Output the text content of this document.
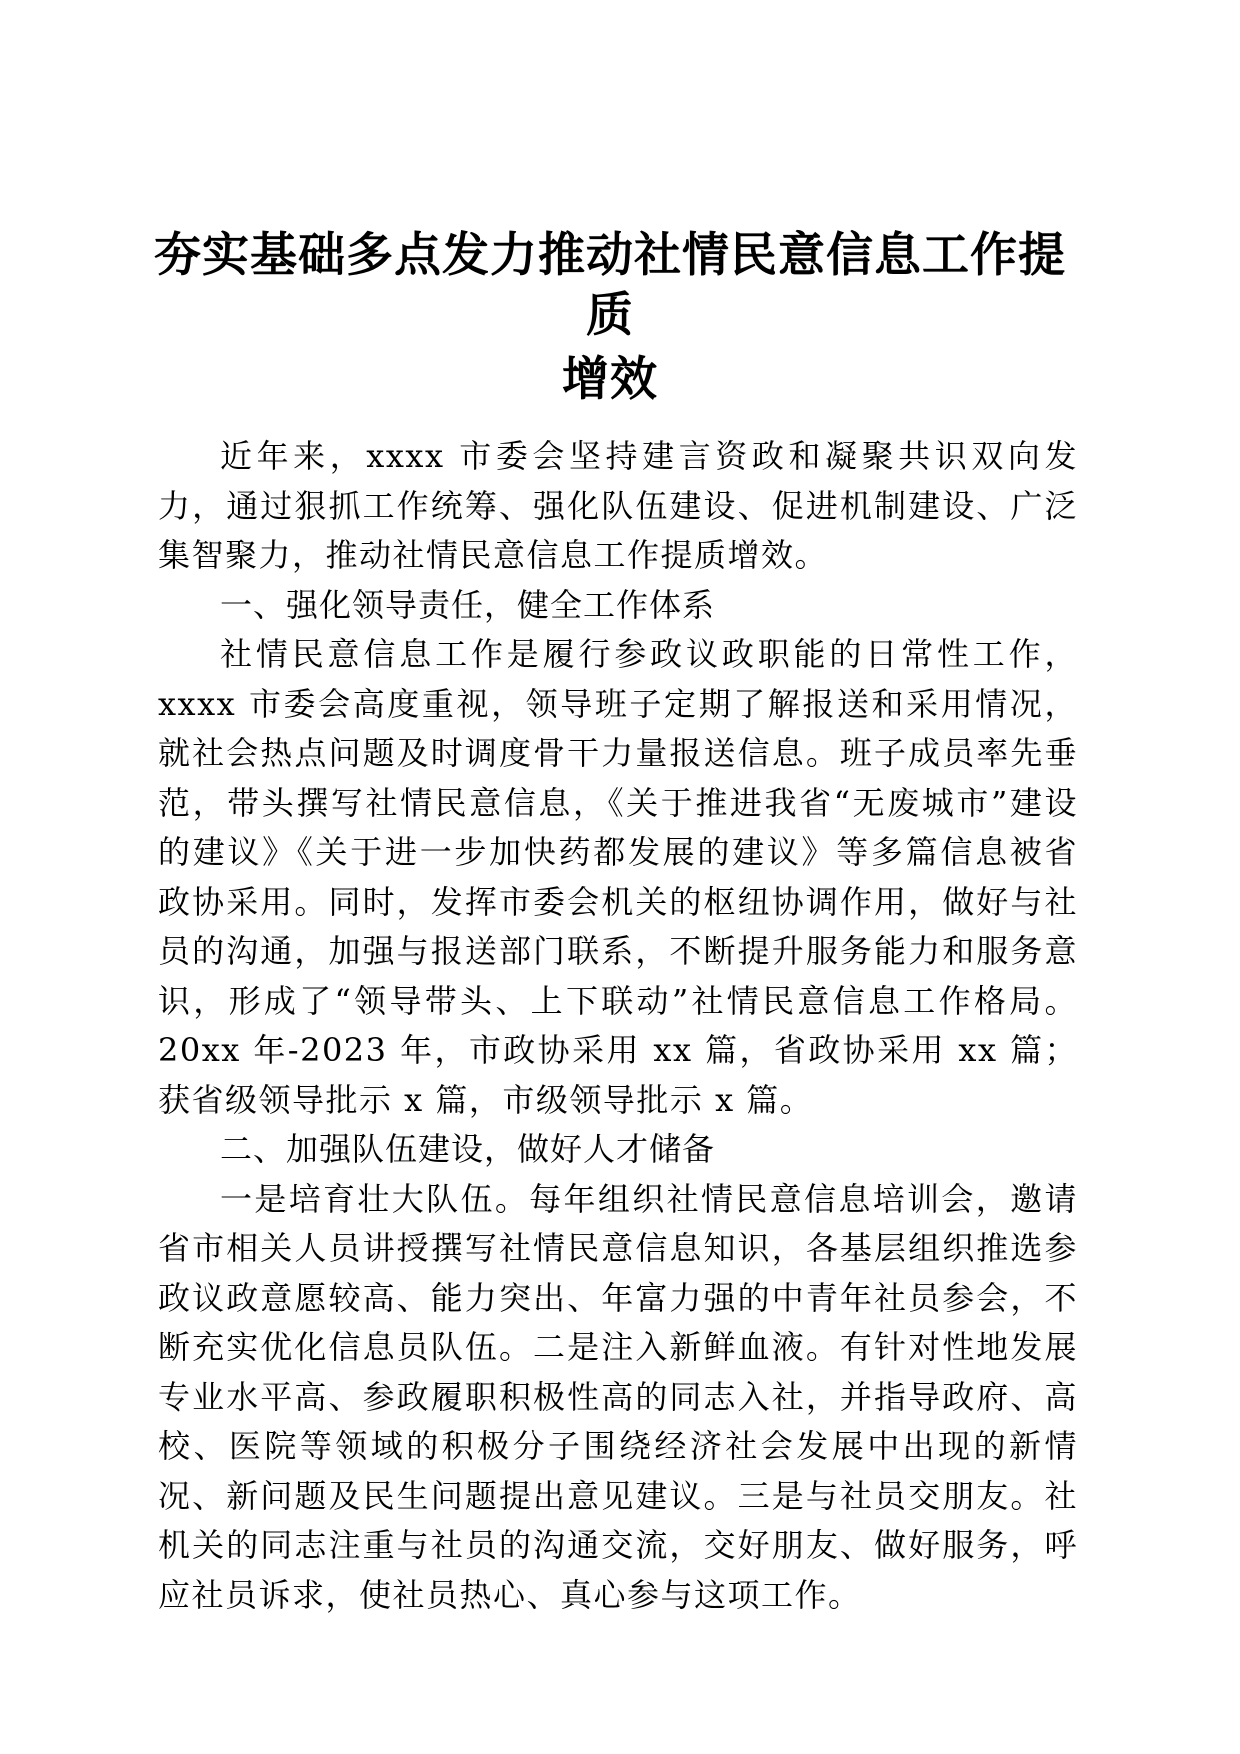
夯实基础多点发力推动社情民意信息工作提质
增效

近年来，xxxx 市委会坚持建言资政和凝聚共识双向发力，通过狠抓工作统筹、强化队伍建设、促进机制建设、广泛集智聚力，推动社情民意信息工作提质增效。

一、强化领导责任，健全工作体系

社情民意信息工作是履行参政议政职能的日常性工作，xxxx 市委会高度重视，领导班子定期了解报送和采用情况，就社会热点问题及时调度骨干力量报送信息。班子成员率先垂范，带头撰写社情民意信息，《关于推进我省“无废城市”建设的建议》《关于进一步加快药都发展的建议》等多篇信息被省政协采用。同时，发挥市委会机关的枢纽协调作用，做好与社员的沟通，加强与报送部门联系，不断提升服务能力和服务意识，形成了“领导带头、上下联动”社情民意信息工作格局。20xx 年-2023 年，市政协采用 xx 篇，省政协采用 xx 篇；获省级领导批示 x 篇，市级领导批示 x 篇。

二、加强队伍建设，做好人才储备

一是培育壮大队伍。每年组织社情民意信息培训会，邀请省市相关人员讲授撰写社情民意信息知识，各基层组织推选参政议政意愿较高、能力突出、年富力强的中青年社员参会，不断充实优化信息员队伍。二是注入新鲜血液。有针对性地发展专业水平高、参政履职积极性高的同志入社，并指导政府、高校、医院等领域的积极分子围绕经济社会发展中出现的新情况、新问题及民生问题提出意见建议。三是与社员交朋友。社机关的同志注重与社员的沟通交流，交好朋友、做好服务，呼应社员诉求，使社员热心、真心参与这项工作。
